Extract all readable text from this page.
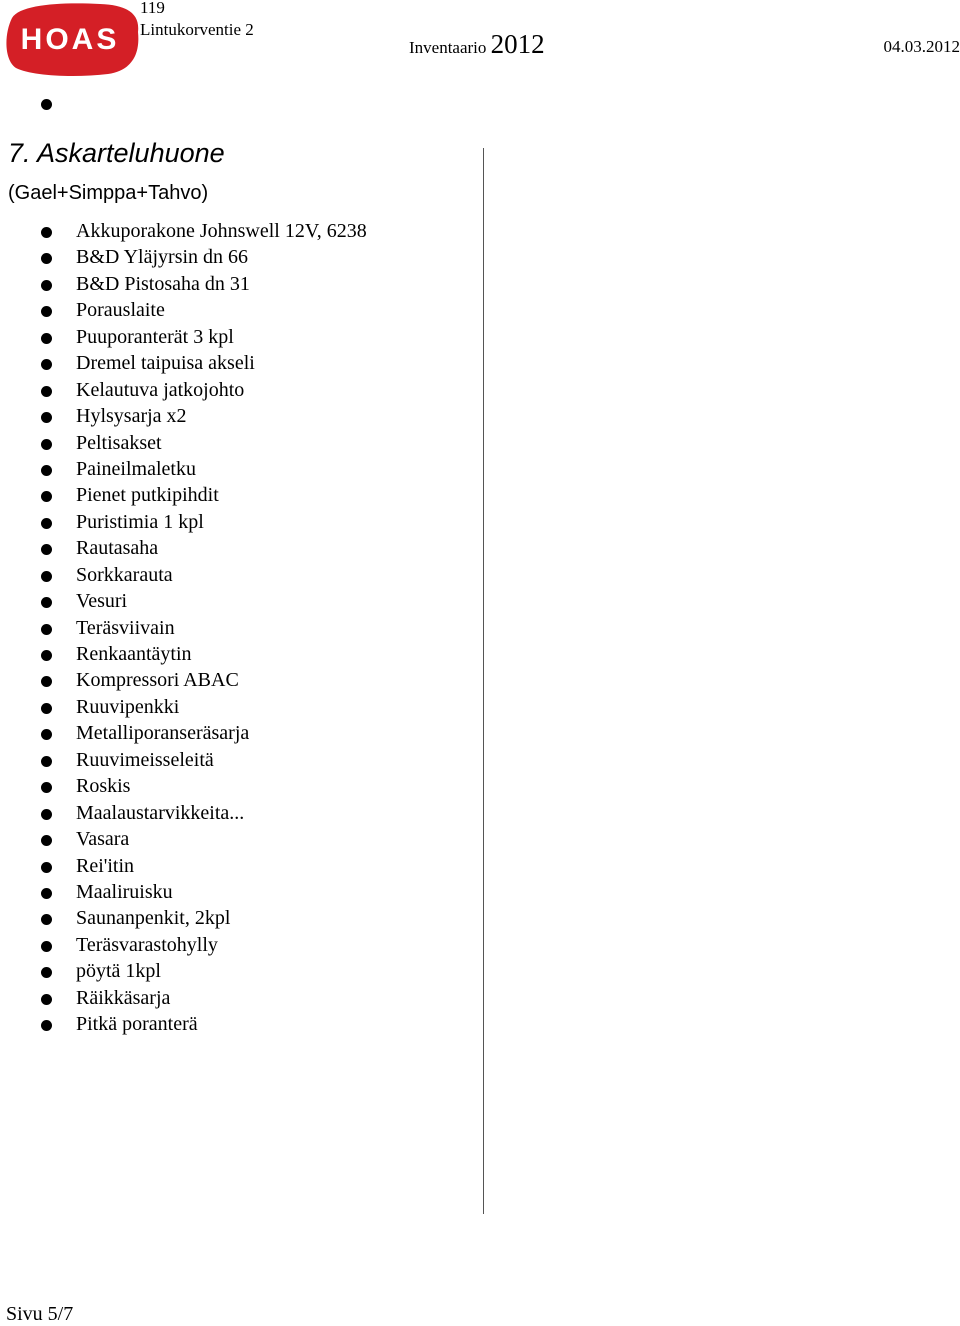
HOAS
119
Lintukorventie 2
Inventaario 2012	04.03.2012
7. Askarteluhuone
(Gael+Simppa+Tahvo)
Akkuporakone Johnswell 12V, 6238
B&D Yläjyrsin dn 66
B&D Pistosaha dn 31
Porauslaite
Puuporanterät 3 kpl
Dremel taipuisa akseli
Kelautuva jatkojohto
Hylsysarja x2
Peltisakset
Paineilmaletku
Pienet putkipihdit
Puristimia 1 kpl
Rautasaha
Sorkkarauta
Vesuri
Teräsviivain
Renkaantäytin
Kompressori ABAC
Ruuvipenkki
Metalliporanseräsarja
Ruuvimeisseleitä
Roskis
Maalaustarvikkeita...
Vasara
Rei'itin
Maaliruisku
Saunanpenkit, 2kpl
Teräsvarastohylly
pöytä 1kpl
Räikkäsarja
Pitkä poranterä
Sivu 5/7
